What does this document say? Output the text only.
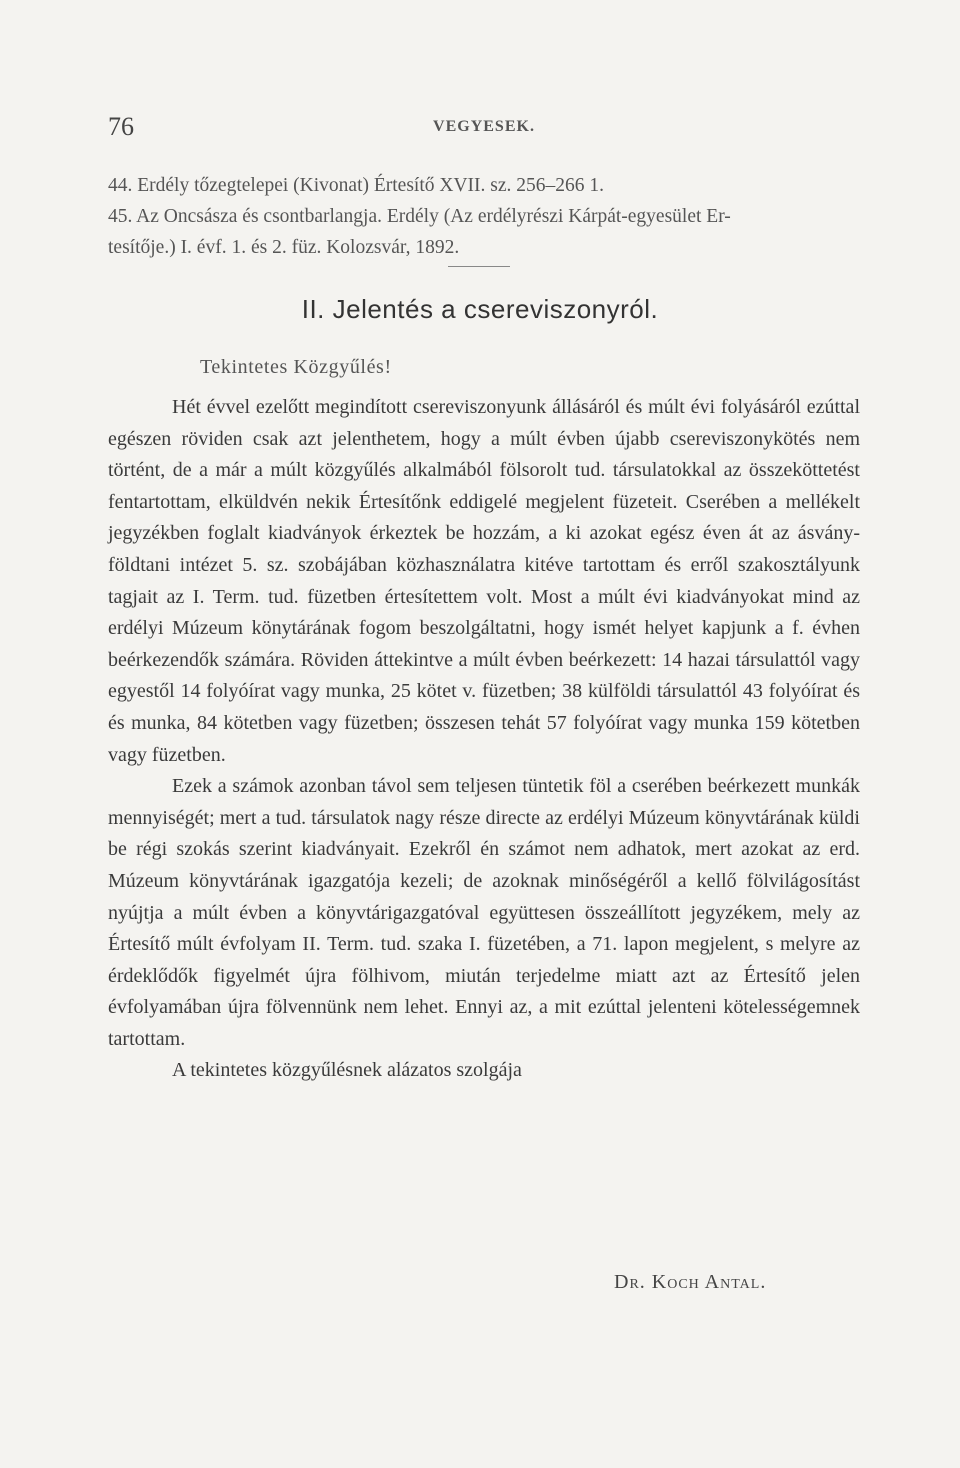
76	VEGYESEK.

44. Erdély tőzegtelepei (Kivonat) Értesítő XVII. sz. 256–266 1.

45. Az Oncsásza és csontbarlangja. Erdély (Az erdélyrészi Kárpát-egyesület Er-
tesítője.) I. évf. 1. és 2. füz. Kolozsvár, 1892.

II. Jelentés a csereviszonyról.
Tekintetes Közgyűlés!

Hét évvel ezelőtt megindított csereviszonyunk állásáról és múlt évi folyásáról ezúttal egészen röviden csak azt jelenthetem, hogy a múlt évben újabb csereviszonykötés nem történt, de a már a múlt közgyűlés alkalmából fölsorolt tud. társulatokkal az összeköttetést fentartottam, elküldvén nekik Értesítőnk eddigelé megjelent füzeteit. Cserében a mellékelt jegyzékben foglalt kiadványok érkeztek be hozzám, a ki azokat egész éven át az ásvány-földtani intézet 5. sz. szobájában közhasználatra kitéve tartottam és erről szakosztályunk tagjait az I. Term. tud. füzetben értesítettem volt. Most a múlt évi kiadványokat mind az erdélyi Múzeum könytárának fogom beszolgáltatni, hogy ismét helyet kapjunk a f. évhen beérkezendők számára. Röviden áttekintve a múlt évben beérkezett: 14 hazai társulattól vagy egyestől 14 folyóírat vagy munka, 25 kötet v. füzetben; 38 külföldi társulattól 43 folyóírat és és munka, 84 kötetben vagy füzetben; összesen tehát 57 folyóírat vagy munka 159 kötetben vagy füzetben.

Ezek a számok azonban távol sem teljesen tüntetik föl a cserében beérkezett munkák mennyiségét; mert a tud. társulatok nagy része directe az erdélyi Múzeum könyvtárának küldi be régi szokás szerint kiadványait. Ezekről én számot nem adhatok, mert azokat az erd. Múzeum könyvtárának igazgatója kezeli; de azoknak minőségéről a kellő fölvilágosítást nyújtja a múlt évben a könyvtárigazgatóval együttesen összeállított jegyzékem, mely az Értesítő múlt évfolyam II. Term. tud. szaka I. füzetében, a 71. lapon megjelent, s melyre az érdeklődők figyelmét újra fölhivom, miután terjedelme miatt azt az Értesítő jelen évfolyamában újra fölvennünk nem lehet. Ennyi az, a mit ezúttal jelenteni kötelességemnek tartottam.

A tekintetes közgyűlésnek alázatos szolgája

Dr. Koch Antal.
